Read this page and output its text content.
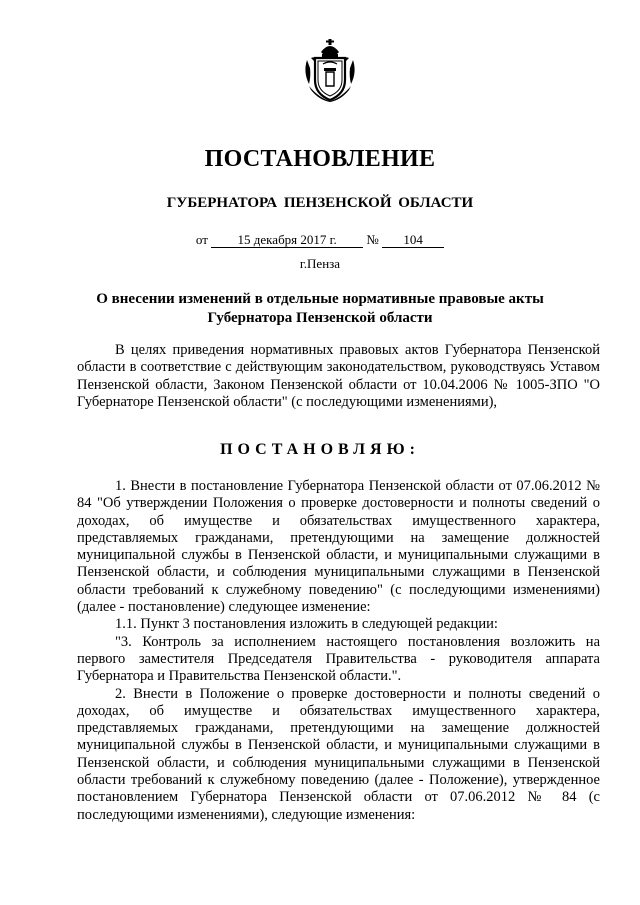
ПОСТАНОВЛЕНИЕ
ГУБЕРНАТОРА ПЕНЗЕНСКОЙ ОБЛАСТИ
от 15 декабря 2017 г. № 104
г.Пенза
О внесении изменений в отдельные нормативные правовые акты
Губернатора Пензенской области

В целях приведения нормативных правовых актов Губернатора Пензенской области в соответствие с действующим законодательством, руководствуясь Уставом Пензенской области, Законом Пензенской области от 10.04.2006 № 1005-ЗПО "О Губернаторе Пензенской области" (с последующими изменениями),

ПОСТАНОВЛЯЮ:

1. Внести в постановление Губернатора Пензенской области от 07.06.2012 № 84 "Об утверждении Положения о проверке достоверности и полноты сведений о доходах, об имуществе и обязательствах имущественного характера, представляемых гражданами, претендующими на замещение должностей муниципальной службы в Пензенской области, и муниципальными служащими в Пензенской области, и соблюдения муниципальными служащими в Пензенской области требований к служебному поведению" (с последующими изменениями) (далее - постановление) следующее изменение:

1.1. Пункт 3 постановления изложить в следующей редакции:

"3. Контроль за исполнением настоящего постановления возложить на первого заместителя Председателя Правительства - руководителя аппарата Губернатора и Правительства Пензенской области.".

2. Внести в Положение о проверке достоверности и полноты сведений о доходах, об имуществе и обязательствах имущественного характера, представляемых гражданами, претендующими на замещение должностей муниципальной службы в Пензенской области, и муниципальными служащими в Пензенской области, и соблюдения муниципальными служащими в Пензенской области требований к служебному поведению (далее - Положение), утвержденное постановлением Губернатора Пензенской области от 07.06.2012 № 84 (с последующими изменениями), следующие изменения:
